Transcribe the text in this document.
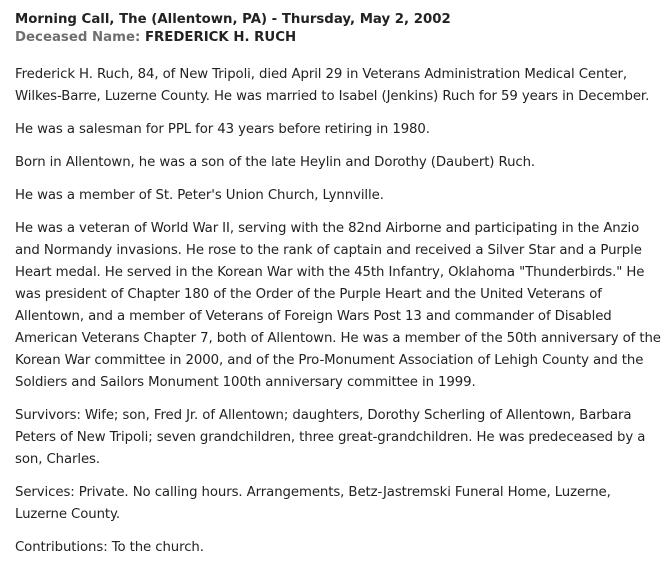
Morning Call, The (Allentown, PA) - Thursday, May 2, 2002
Deceased Name: FREDERICK H. RUCH

Frederick H. Ruch, 84, of New Tripoli, died April 29 in Veterans Administration Medical Center,
Wilkes-Barre, Luzerne County. He was married to Isabel (Jenkins) Ruch for 59 years in December.

He was a salesman for PPL for 43 years before retiring in 1980.

Born in Allentown, he was a son of the late Heylin and Dorothy (Daubert) Ruch.

He was a member of St. Peter's Union Church, Lynnville.

He was a veteran of World War II, serving with the 82nd Airborne and participating in the Anzio
and Normandy invasions. He rose to the rank of captain and received a Silver Star and a Purple
Heart medal. He served in the Korean War with the 45th Infantry, Oklahoma "Thunderbirds." He
was president of Chapter 180 of the Order of the Purple Heart and the United Veterans of
Allentown, and a member of Veterans of Foreign Wars Post 13 and commander of Disabled
American Veterans Chapter 7, both of Allentown. He was a member of the 50th anniversary of the
Korean War committee in 2000, and of the Pro-Monument Association of Lehigh County and the
Soldiers and Sailors Monument 100th anniversary committee in 1999.

Survivors: Wife; son, Fred Jr. of Allentown; daughters, Dorothy Scherling of Allentown, Barbara
Peters of New Tripoli; seven grandchildren, three great-grandchildren. He was predeceased by a
son, Charles.

Services: Private. No calling hours. Arrangements, Betz-Jastremski Funeral Home, Luzerne,
Luzerne County.

Contributions: To the church.
